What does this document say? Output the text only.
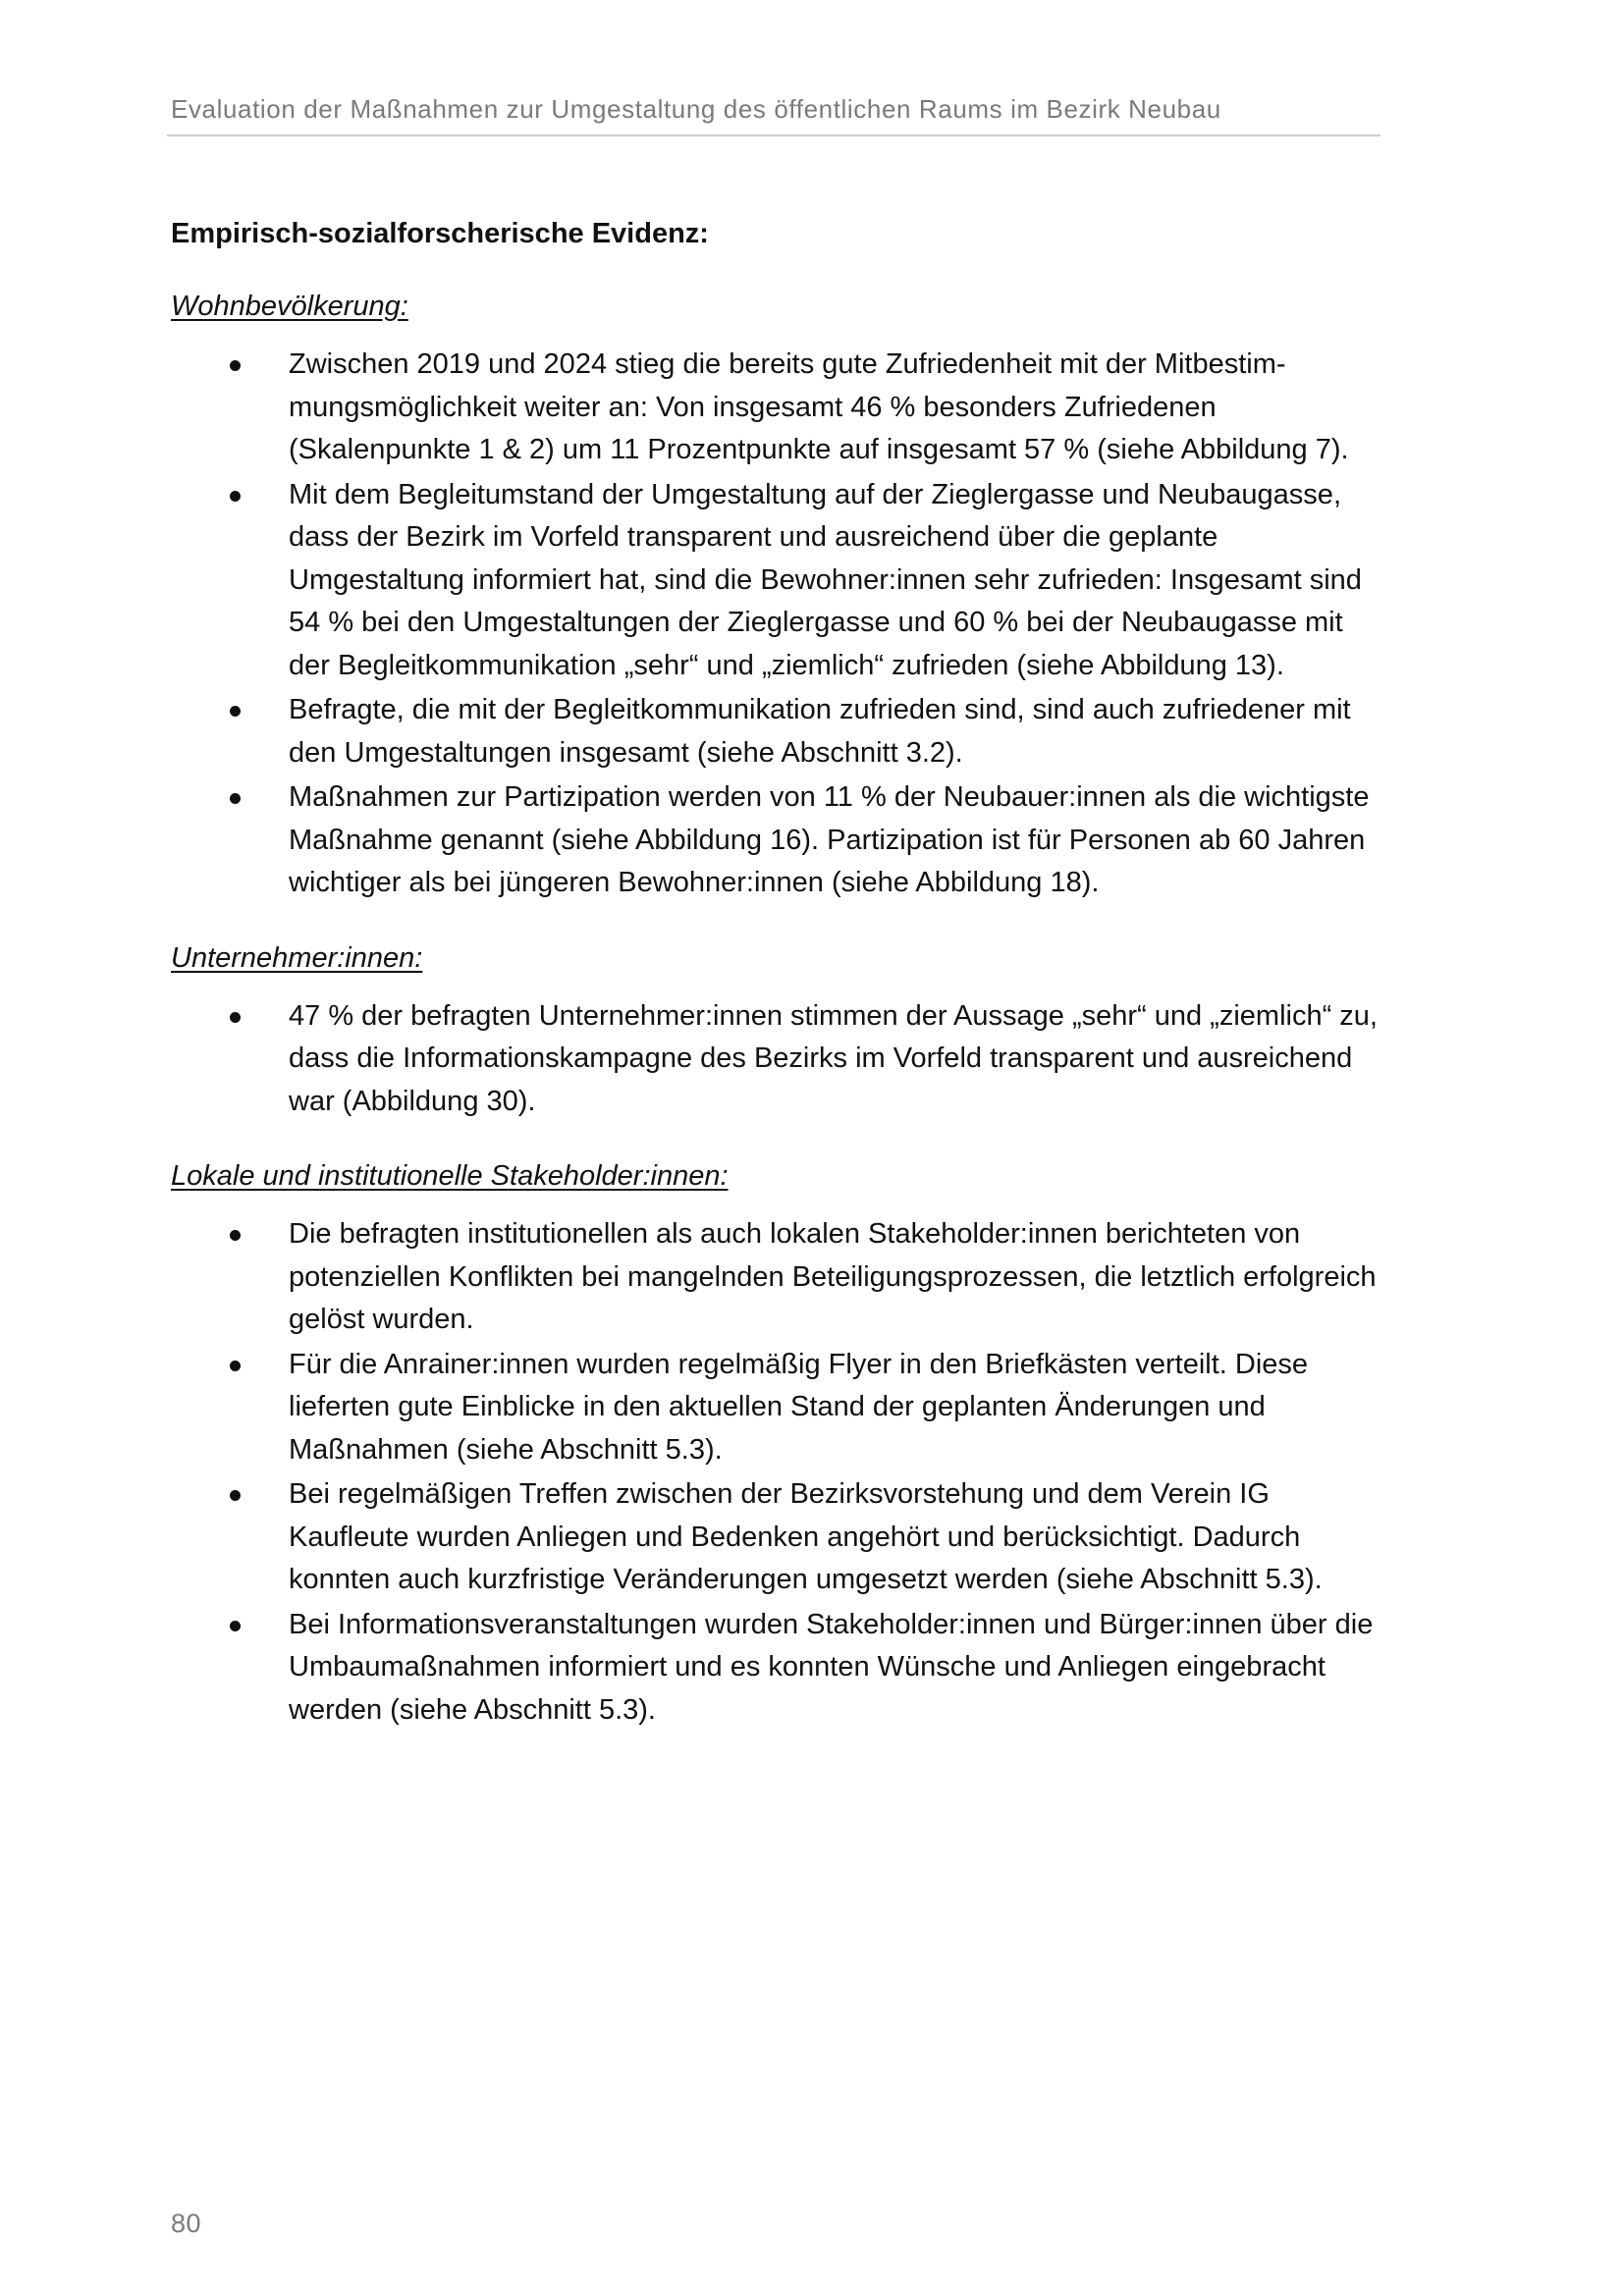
Evaluation der Maßnahmen zur Umgestaltung des öffentlichen Raums im Bezirk Neubau
Empirisch-sozialforscherische Evidenz:
Wohnbevölkerung:
Zwischen 2019 und 2024 stieg die bereits gute Zufriedenheit mit der Mitbestimmungsmöglichkeit weiter an: Von insgesamt 46 % besonders Zufriedenen (Skalenpunkte 1 & 2) um 11 Prozentpunkte auf insgesamt 57 % (siehe Abbildung 7).
Mit dem Begleitumstand der Umgestaltung auf der Zieglergasse und Neubaugasse, dass der Bezirk im Vorfeld transparent und ausreichend über die geplante Umgestaltung informiert hat, sind die Bewohner:innen sehr zufrieden: Insgesamt sind 54 % bei den Umgestaltungen der Zieglergasse und 60 % bei der Neubaugasse mit der Begleitkommunikation „sehr“ und „ziemlich“ zufrieden (siehe Abbildung 13).
Befragte, die mit der Begleitkommunikation zufrieden sind, sind auch zufriedener mit den Umgestaltungen insgesamt (siehe Abschnitt 3.2).
Maßnahmen zur Partizipation werden von 11 % der Neubauer:innen als die wichtigste Maßnahme genannt (siehe Abbildung 16). Partizipation ist für Personen ab 60 Jahren wichtiger als bei jüngeren Bewohner:innen (siehe Abbildung 18).
Unternehmer:innen:
47 % der befragten Unternehmer:innen stimmen der Aussage „sehr“ und „ziemlich“ zu, dass die Informationskampagne des Bezirks im Vorfeld transparent und ausreichend war (Abbildung 30).
Lokale und institutionelle Stakeholder:innen:
Die befragten institutionellen als auch lokalen Stakeholder:innen berichteten von potenziellen Konflikten bei mangelnden Beteiligungsprozessen, die letztlich erfolgreich gelöst wurden.
Für die Anrainer:innen wurden regelmäßig Flyer in den Briefkästen verteilt. Diese lieferten gute Einblicke in den aktuellen Stand der geplanten Änderungen und Maßnahmen (siehe Abschnitt 5.3).
Bei regelmäßigen Treffen zwischen der Bezirksvorstehung und dem Verein IG Kaufleute wurden Anliegen und Bedenken angehört und berücksichtigt. Dadurch konnten auch kurzfristige Veränderungen umgesetzt werden (siehe Abschnitt 5.3).
Bei Informationsveranstaltungen wurden Stakeholder:innen und Bürger:innen über die Umbaumaßnahmen informiert und es konnten Wünsche und Anliegen eingebracht werden (siehe Abschnitt 5.3).
80
